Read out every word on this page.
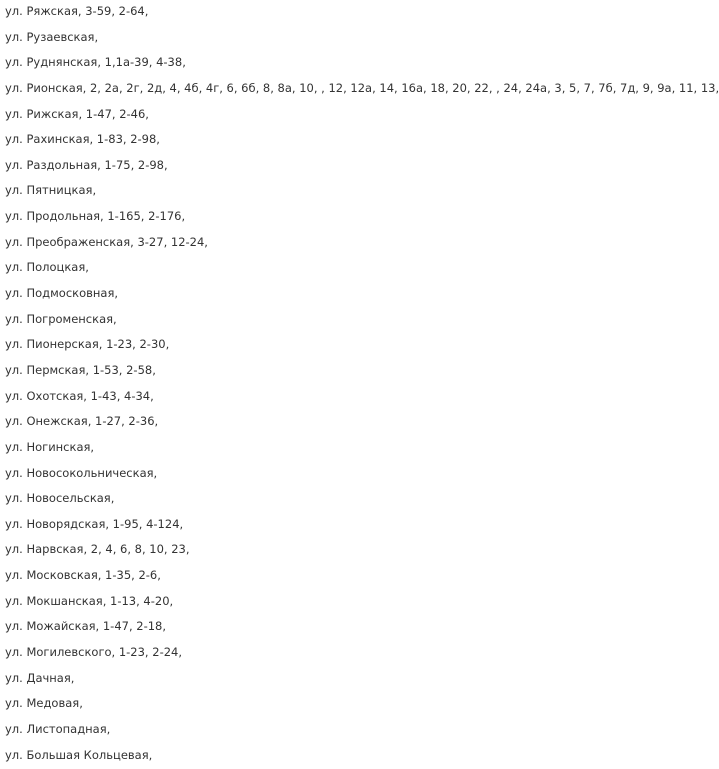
ул. Ряжская, 3-59, 2-64,
ул. Рузаевская,
ул. Руднянская, 1,1а-39, 4-38,
ул. Рионская, 2, 2а, 2г, 2д, 4, 4б, 4г, 6, 6б, 8, 8а, 10, , 12, 12а, 14, 16а, 18, 20, 22, , 24, 24а, 3, 5, 7, 7б, 7д, 9, 9а, 11, 13,
ул. Рижская, 1-47, 2-46,
ул. Рахинская, 1-83, 2-98,
ул. Раздольная, 1-75, 2-98,
ул. Пятницкая,
ул. Продольная, 1-165, 2-176,
ул. Преображенская, 3-27, 12-24,
ул. Полоцкая,
ул. Подмосковная,
ул. Погроменская,
ул. Пионерская, 1-23, 2-30,
ул. Пермская, 1-53, 2-58,
ул. Охотская, 1-43, 4-34,
ул. Онежская, 1-27, 2-36,
ул. Ногинская,
ул. Новосокольническая,
ул. Новосельская,
ул. Новорядская, 1-95, 4-124,
ул. Нарвская, 2, 4, 6, 8, 10, 23,
ул. Московская, 1-35, 2-6,
ул. Мокшанская, 1-13, 4-20,
ул. Можайская, 1-47, 2-18,
ул. Могилевского, 1-23, 2-24,
ул. Дачная,
ул. Медовая,
ул. Листопадная,
ул. Большая Кольцевая,
